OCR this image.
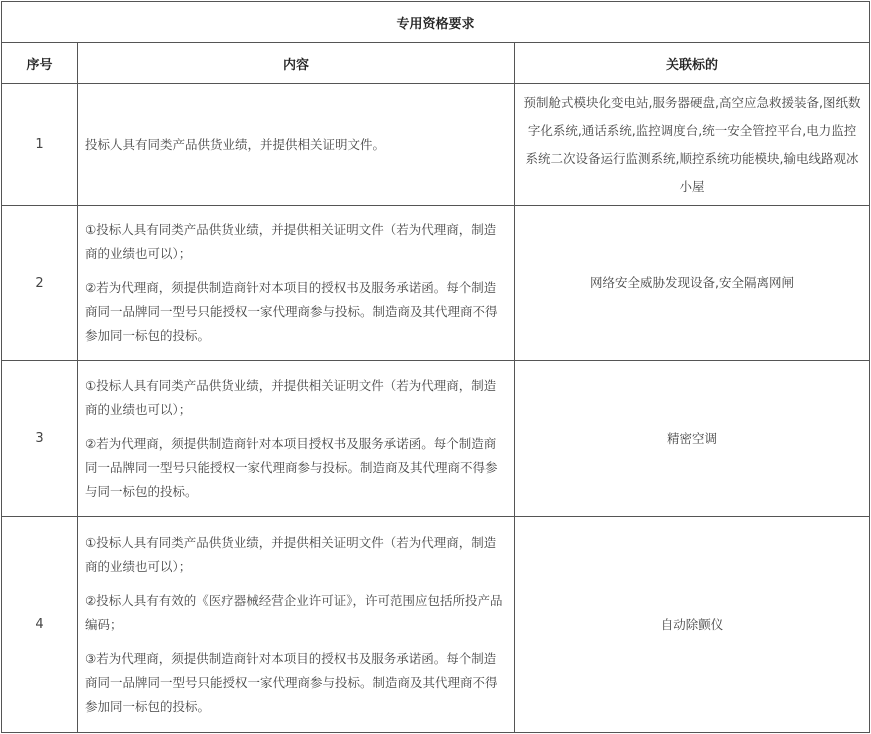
专用资格要求		
序号	内容	关联标的
1	投标人具有同类产品供货业绩，并提供相关证明文件。	预制舱式模块化变电站,服务器硬盘,高空应急救援装备,图纸数字化系统,通话系统,监控调度台,统一安全管控平台,电力监控系统二次设备运行监测系统,顺控系统功能模块,输电线路观冰小屋
2	①投标人具有同类产品供货业绩，并提供相关证明文件（若为代理商，制造商的业绩也可以）；

②若为代理商，须提供制造商针对本项目的授权书及服务承诺函。每个制造商同一品牌同一型号只能授权一家代理商参与投标。制造商及其代理商不得参加同一标包的投标。	网络安全威胁发现设备,安全隔离网闸
3	①投标人具有同类产品供货业绩，并提供相关证明文件（若为代理商，制造商的业绩也可以）；

②若为代理商，须提供制造商针对本项目授权书及服务承诺函。每个制造商同一品牌同一型号只能授权一家代理商参与投标。制造商及其代理商不得参与同一标包的投标。	精密空调
4	①投标人具有同类产品供货业绩，并提供相关证明文件（若为代理商，制造商的业绩也可以）；

②投标人具有有效的《医疗器械经营企业许可证》，许可范围应包括所投产品编码；

③若为代理商，须提供制造商针对本项目的授权书及服务承诺函。每个制造商同一品牌同一型号只能授权一家代理商参与投标。制造商及其代理商不得参加同一标包的投标。	自动除颤仪
